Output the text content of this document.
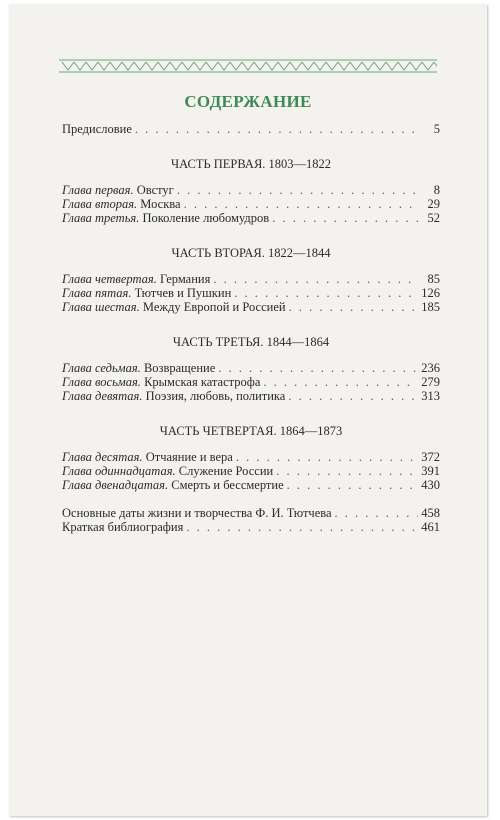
СОДЕРЖАНИЕ
Предисловие . . .	5
ЧАСТЬ ПЕРВАЯ. 1803—1822
Глава первая. Овстуг . . .	8
Глава вторая. Москва . . .	29
Глава третья. Поколение любомудров . . .	52
ЧАСТЬ ВТОРАЯ. 1822—1844
Глава четвертая. Германия . . .	85
Глава пятая. Тютчев и Пушкин . . .	126
Глава шестая. Между Европой и Россией . . .	185
ЧАСТЬ ТРЕТЬЯ. 1844—1864
Глава седьмая. Возвращение . . .	236
Глава восьмая. Крымская катастрофа . . .	279
Глава девятая. Поэзия, любовь, политика . . .	313
ЧАСТЬ ЧЕТВЕРТАЯ. 1864—1873
Глава десятая. Отчаяние и вера . . .	372
Глава одиннадцатая. Служение России . . .	391
Глава двенадцатая. Смерть и бессмертие . . .	430
Основные даты жизни и творчества Ф. И. Тютчева . . .	458
Краткая библиография . . .	461
